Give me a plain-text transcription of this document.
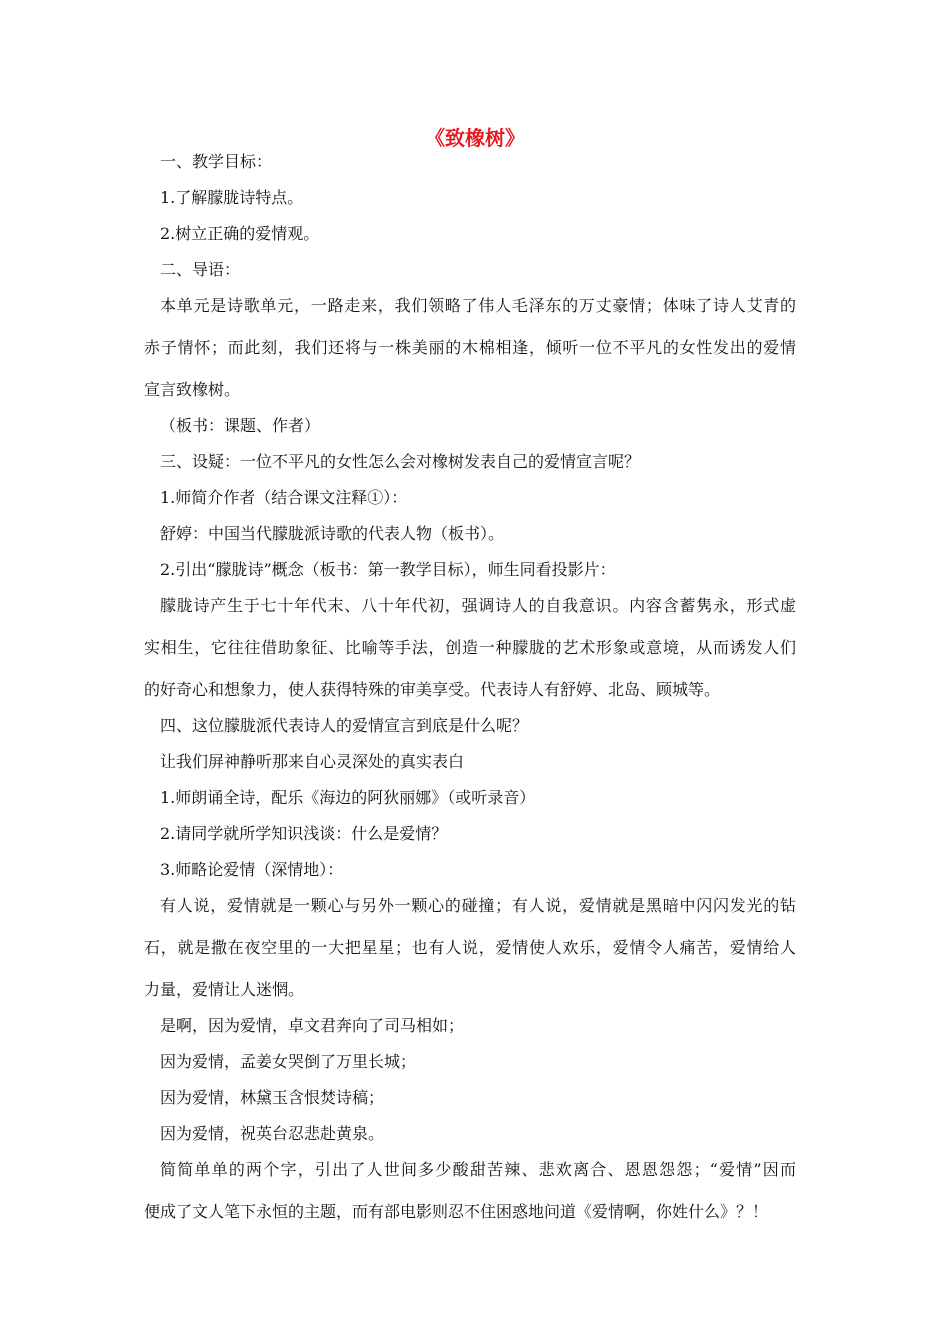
《致橡树》
一、教学目标：
1.了解朦胧诗特点。
2.树立正确的爱情观。
二、导语：
本单元是诗歌单元，一路走来，我们领略了伟人毛泽东的万丈豪情；体味了诗人艾青的
赤子情怀；而此刻，我们还将与一株美丽的木棉相逢，倾听一位不平凡的女性发出的爱情
宣言致橡树。
（板书：课题、作者）
三、设疑：一位不平凡的女性怎么会对橡树发表自己的爱情宣言呢？
1.师简介作者（结合课文注释①）：
舒婷：中国当代朦胧派诗歌的代表人物（板书）。
2.引出“朦胧诗”概念（板书：第一教学目标），师生同看投影片：
朦胧诗产生于七十年代末、八十年代初，强调诗人的自我意识。内容含蓄隽永，形式虚
实相生，它往往借助象征、比喻等手法，创造一种朦胧的艺术形象或意境，从而诱发人们
的好奇心和想象力，使人获得特殊的审美享受。代表诗人有舒婷、北岛、顾城等。
四、这位朦胧派代表诗人的爱情宣言到底是什么呢？
让我们屏神静听那来自心灵深处的真实表白
1.师朗诵全诗，配乐《海边的阿狄丽娜》（或听录音）
2.请同学就所学知识浅谈：什么是爱情？
3.师略论爱情（深情地）：
有人说，爱情就是一颗心与另外一颗心的碰撞；有人说，爱情就是黑暗中闪闪发光的钻
石，就是撒在夜空里的一大把星星；也有人说，爱情使人欢乐，爱情令人痛苦，爱情给人
力量，爱情让人迷惘。
是啊，因为爱情，卓文君奔向了司马相如；
因为爱情，孟姜女哭倒了万里长城；
因为爱情，林黛玉含恨焚诗稿；
因为爱情，祝英台忍悲赴黄泉。
简简单单的两个字，引出了人世间多少酸甜苦辣、悲欢离合、恩恩怨怨；“爱情”因而
便成了文人笔下永恒的主题，而有部电影则忍不住困惑地问道《爱情啊，你姓什么》？！
